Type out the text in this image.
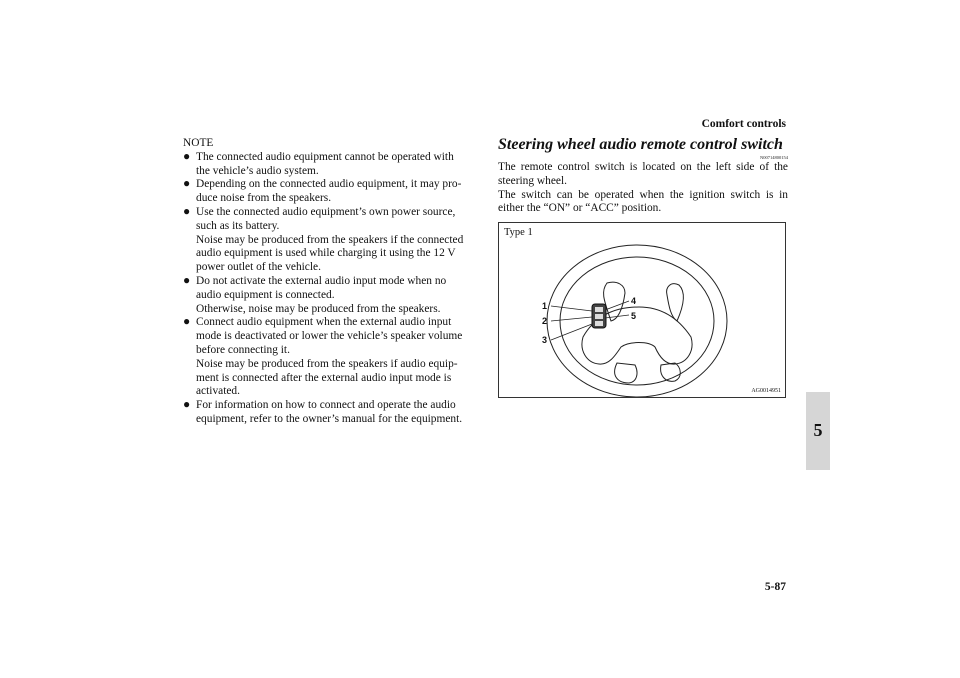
Comfort controls
5
NOTE
● The connected audio equipment cannot be operated with
the vehicle’s audio system.
● Depending on the connected audio equipment, it may pro-
duce noise from the speakers.
● Use the connected audio equipment’s own power source,
such as its battery.
Noise may be produced from the speakers if the connected
audio equipment is used while charging it using the 12 V
power outlet of the vehicle.
● Do not activate the external audio input mode when no
audio equipment is connected.
Otherwise, noise may be produced from the speakers.
● Connect audio equipment when the external audio input
mode is deactivated or lower the vehicle’s speaker volume
before connecting it.
Noise may be produced from the speakers if audio equip-
ment is connected after the external audio input mode is
activated.
● For information on how to connect and operate the audio
equipment, refer to the owner’s manual for the equipment.
Steering wheel audio remote control switch
N00714800154

The remote control switch is located on the left side of the steering wheel.

The switch can be operated when the ignition switch is in either the “ON” or “ACC” position.

Type 1
1
2
3
4
5
AG0014951
5-87
